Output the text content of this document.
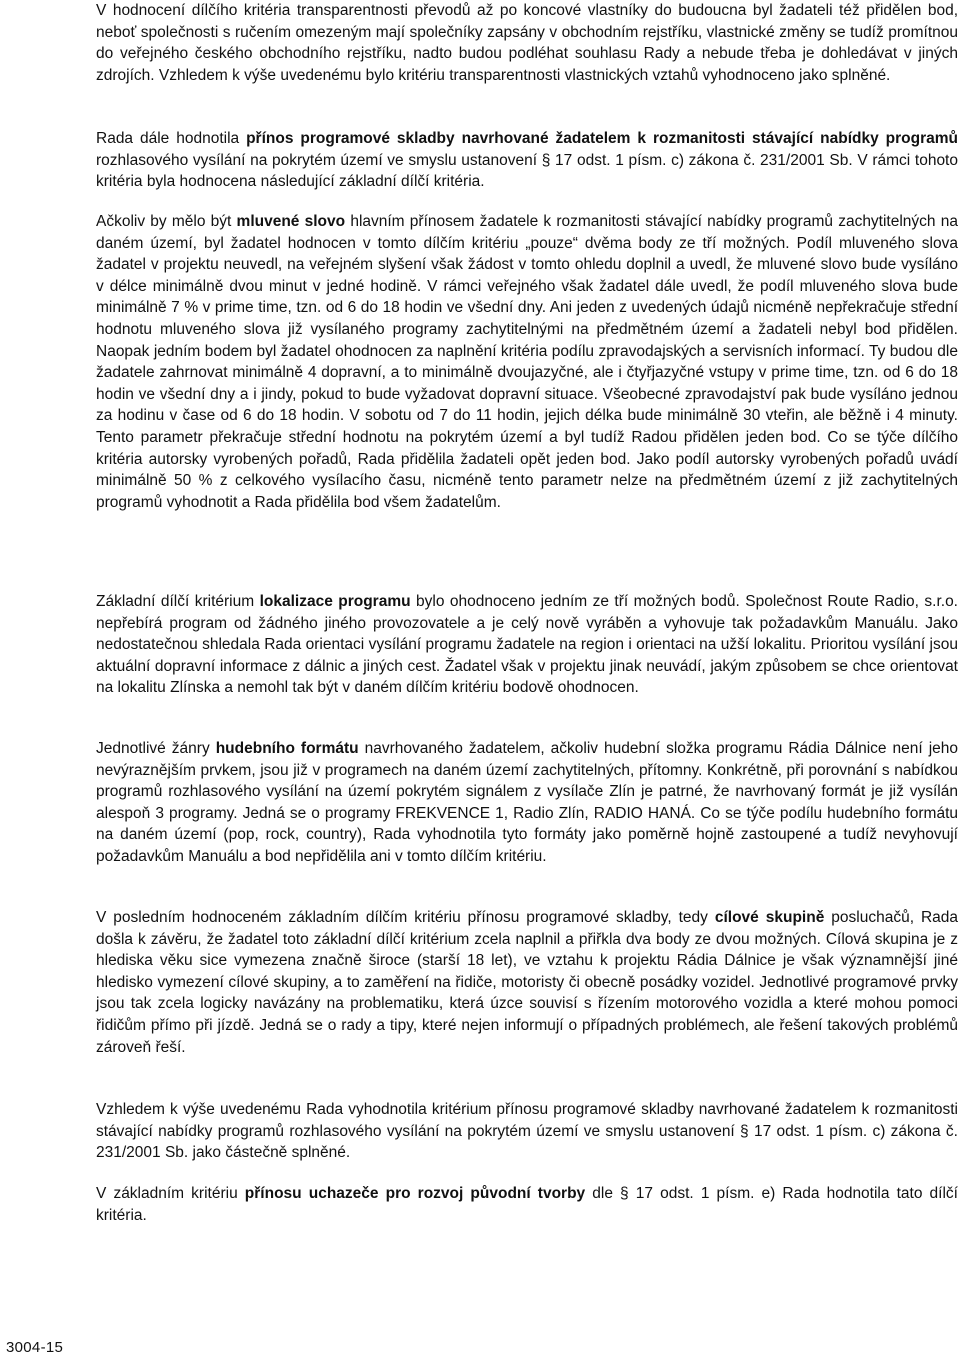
V hodnocení dílčího kritéria transparentnosti převodů až po koncové vlastníky do budoucna byl žadateli též přidělen bod, neboť společnosti s ručením omezeným mají společníky zapsány v obchodním rejstříku, vlastnické změny se tudíž promítnou do veřejného českého obchodního rejstříku, nadto budou podléhat souhlasu Rady a nebude třeba je dohledávat v jiných zdrojích. Vzhledem k výše uvedenému bylo kritériu transparentnosti vlastnických vztahů vyhodnoceno jako splněné.

Rada dále hodnotila přínos programové skladby navrhované žadatelem k rozmanitosti stávající nabídky programů rozhlasového vysílání na pokrytém území ve smyslu ustanovení § 17 odst. 1 písm. c) zákona č. 231/2001 Sb. V rámci tohoto kritéria byla hodnocena následující základní dílčí kritéria.

Ačkoliv by mělo být mluvené slovo hlavním přínosem žadatele k rozmanitosti stávající nabídky programů zachytitelných na daném území, byl žadatel hodnocen v tomto dílčím kritériu „pouze“ dvěma body ze tří možných. Podíl mluveného slova žadatel v projektu neuvedl, na veřejném slyšení však žádost v tomto ohledu doplnil a uvedl, že mluvené slovo bude vysíláno v délce minimálně dvou minut v jedné hodině. V rámci veřejného však žadatel dále uvedl, že podíl mluveného slova bude minimálně 7 % v prime time, tzn. od 6 do 18 hodin ve všední dny. Ani jeden z uvedených údajů nicméně nepřekračuje střední hodnotu mluveného slova již vysílaného programy zachytitelnými na předmětném území a žadateli nebyl bod přidělen. Naopak jedním bodem byl žadatel ohodnocen za naplnění kritéria podílu zpravodajských a servisních informací. Ty budou dle žadatele zahrnovat minimálně 4 dopravní, a to minimálně dvoujazyčné, ale i čtyřjazyčné vstupy v prime time, tzn. od 6 do 18 hodin ve všední dny a i jindy, pokud to bude vyžadovat dopravní situace. Všeobecné zpravodajství pak bude vysíláno jednou za hodinu v čase od 6 do 18 hodin. V sobotu od 7 do 11 hodin, jejich délka bude minimálně 30 vteřin, ale běžně i 4 minuty. Tento parametr překračuje střední hodnotu na pokrytém území a byl tudíž Radou přidělen jeden bod. Co se týče dílčího kritéria autorsky vyrobených pořadů, Rada přidělila žadateli opět jeden bod. Jako podíl autorsky vyrobených pořadů uvádí minimálně 50 % z celkového vysílacího času, nicméně tento parametr nelze na předmětném území z již zachytitelných programů vyhodnotit a Rada přidělila bod všem žadatelům.

Základní dílčí kritérium lokalizace programu bylo ohodnoceno jedním ze tří možných bodů. Společnost Route Radio, s.r.o. nepřebírá program od žádného jiného provozovatele a je celý nově vyráběn a vyhovuje tak požadavkům Manuálu. Jako nedostatečnou shledala Rada orientaci vysílání programu žadatele na region i orientaci na užší lokalitu. Prioritou vysílání jsou aktuální dopravní informace z dálnic a jiných cest. Žadatel však v projektu jinak neuvádí, jakým způsobem se chce orientovat na lokalitu Zlínska a nemohl tak být v daném dílčím kritériu bodově ohodnocen.

Jednotlivé žánry hudebního formátu navrhovaného žadatelem, ačkoliv hudební složka programu Rádia Dálnice není jeho nevýraznějším prvkem, jsou již v programech na daném území zachytitelných, přítomny. Konkrétně, při porovnání s nabídkou programů rozhlasového vysílání na území pokrytém signálem z vysílače Zlín je patrné, že navrhovaný formát je již vysílán alespoň 3 programy. Jedná se o programy FREKVENCE 1, Radio Zlín, RADIO HANÁ. Co se týče podílu hudebního formátu na daném území (pop, rock, country), Rada vyhodnotila tyto formáty jako poměrně hojně zastoupené a tudíž nevyhovují požadavkům Manuálu a bod nepřidělila ani v tomto dílčím kritériu.

V posledním hodnoceném základním dílčím kritériu přínosu programové skladby, tedy cílové skupině posluchačů, Rada došla k závěru, že žadatel toto základní dílčí kritérium zcela naplnil a přiřkla dva body ze dvou možných. Cílová skupina je z hlediska věku sice vymezena značně široce (starší 18 let), ve vztahu k projektu Rádia Dálnice je však významnější jiné hledisko vymezení cílové skupiny, a to zaměření na řidiče, motoristy či obecně posádky vozidel. Jednotlivé programové prvky jsou tak zcela logicky navázány na problematiku, která úzce souvisí s řízením motorového vozidla a které mohou pomoci řidičům přímo při jízdě. Jedná se o rady a tipy, které nejen informují o případných problémech, ale řešení takových problémů zároveň řeší.

Vzhledem k výše uvedenému Rada vyhodnotila kritérium přínosu programové skladby navrhované žadatelem k rozmanitosti stávající nabídky programů rozhlasového vysílání na pokrytém území ve smyslu ustanovení § 17 odst. 1 písm. c) zákona č. 231/2001 Sb. jako částečně splněné.

V základním kritériu přínosu uchazeče pro rozvoj původní tvorby dle § 17 odst. 1 písm. e) Rada hodnotila tato dílčí kritéria.

3004-15
